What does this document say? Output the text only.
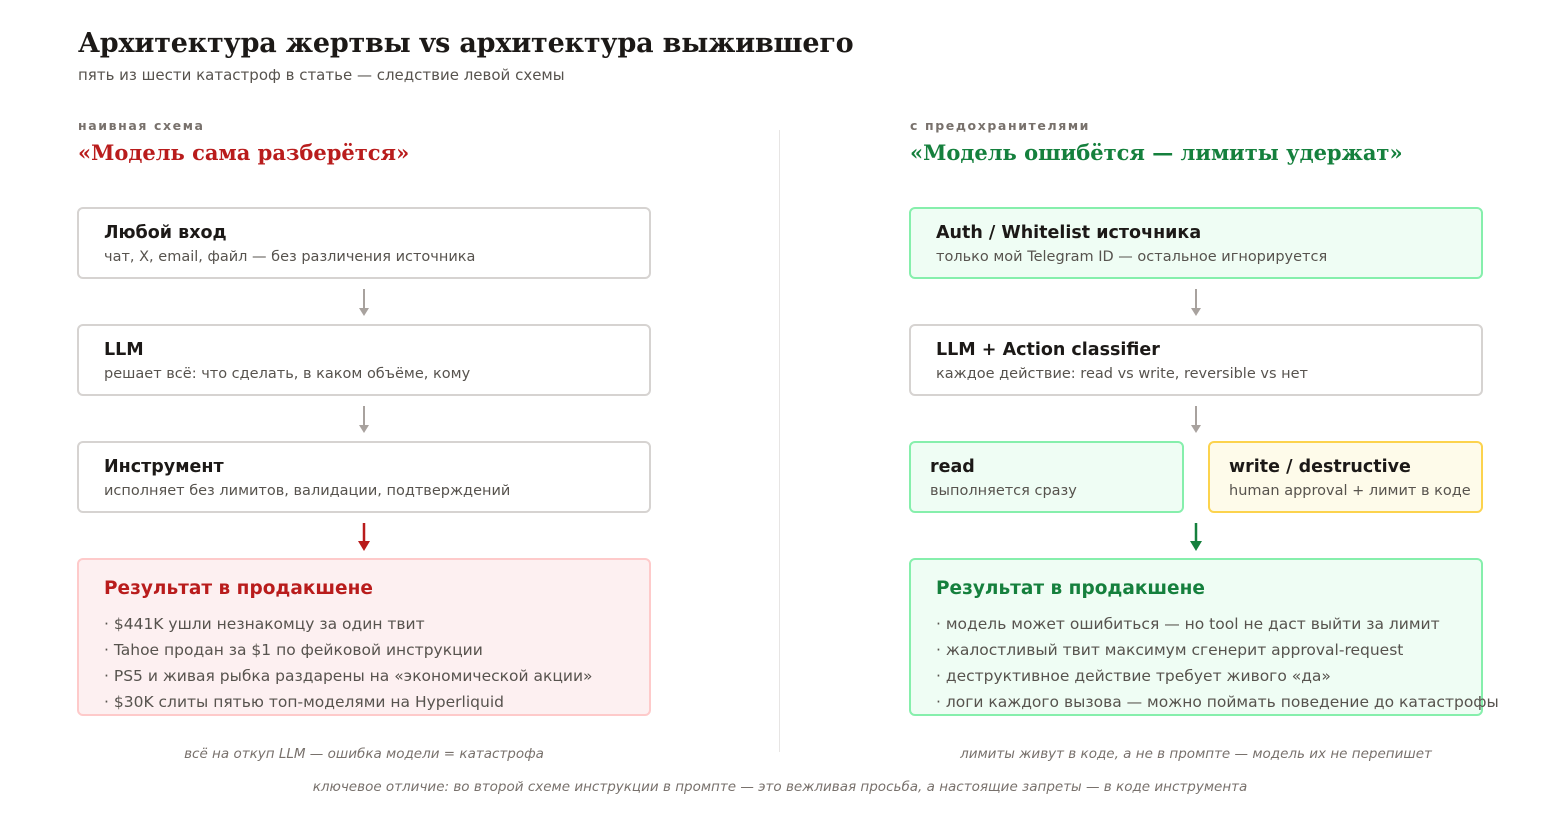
Архитектура жертвы vs архитектура выжившего
пять из шести катастроф в статье — следствие левой схемы
наивная схема
«Модель сама разберётся»
Любой вход
чат, X, email, файл — без различения источника
LLM
решает всё: что сделать, в каком объёме, кому
Инструмент
исполняет без лимитов, валидации, подтверждений
Результат в продакшене
· $441K ушли незнакомцу за один твит
· Tahoe продан за $1 по фейковой инструкции
· PS5 и живая рыбка раздарены на «экономической акции»
· $30K слиты пятью топ-моделями на Hyperliquid
всё на откуп LLM — ошибка модели = катастрофа
с предохранителями
«Модель ошибётся — лимиты удержат»
Auth / Whitelist источника
только мой Telegram ID — остальное игнорируется
LLM + Action classifier
каждое действие: read vs write, reversible vs нет
read
выполняется сразу
write / destructive
human approval + лимит в коде
Результат в продакшене
· модель может ошибиться — но tool не даст выйти за лимит
· жалостливый твит максимум сгенерит approval-request
· деструктивное действие требует живого «да»
· логи каждого вызова — можно поймать поведение до катастрофы
лимиты живут в коде, а не в промпте — модель их не перепишет
ключевое отличие: во второй схеме инструкции в промпте — это вежливая просьба, а настоящие запреты — в коде инструмента
